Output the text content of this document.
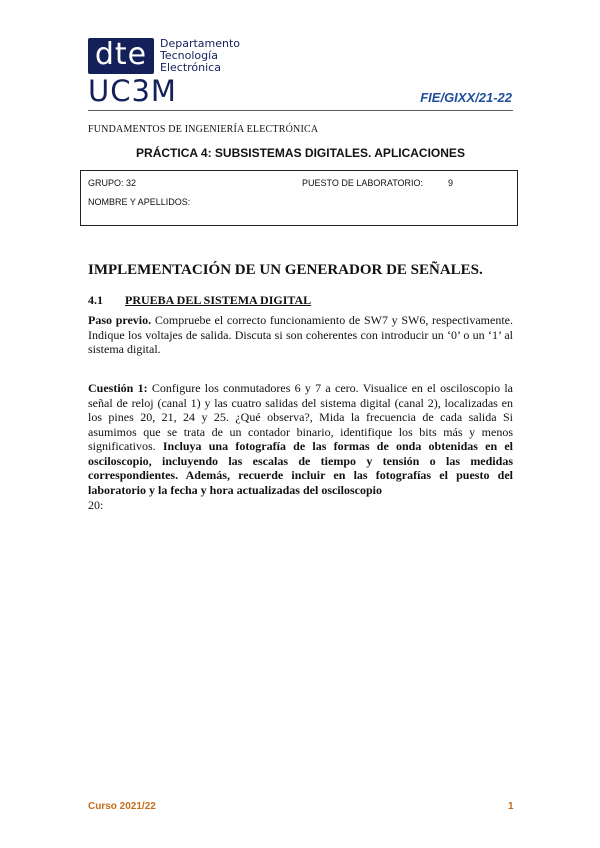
dte	Departamento
Tecnología
Electrónica
UC3M	FIE/GIXX/21-22
FUNDAMENTOS DE INGENIERÍA ELECTRÓNICA
PRÁCTICA 4: SUBSISTEMAS DIGITALES. APLICACIONES
GRUPO: 32	PUESTO DE LABORATORIO:	9
NOMBRE Y APELLIDOS:
IMPLEMENTACIÓN DE UN GENERADOR DE SEÑALES.
4.1 PRUEBA DEL SISTEMA DIGITAL
Paso previo. Compruebe el correcto funcionamiento de SW7 y SW6, respectivamente. Indique los voltajes de salida. Discuta si son coherentes con introducir un ‘0’ o un ‘1’ al sistema digital.
Cuestión 1: Configure los conmutadores 6 y 7 a cero. Visualice en el osciloscopio la señal de reloj (canal 1) y las cuatro salidas del sistema digital (canal 2), localizadas en los pines 20, 21, 24 y 25. ¿Qué observa?, Mida la frecuencia de cada salida Si asumimos que se trata de un contador binario, identifique los bits más y menos significativos. Incluya una fotografía de las formas de onda obtenidas en el osciloscopio, incluyendo las escalas de tiempo y tensión o las medidas correspondientes. Además, recuerde incluir en las fotografías el puesto del laboratorio y la fecha y hora actualizadas del osciloscopio
20:
Curso 2021/22	1
